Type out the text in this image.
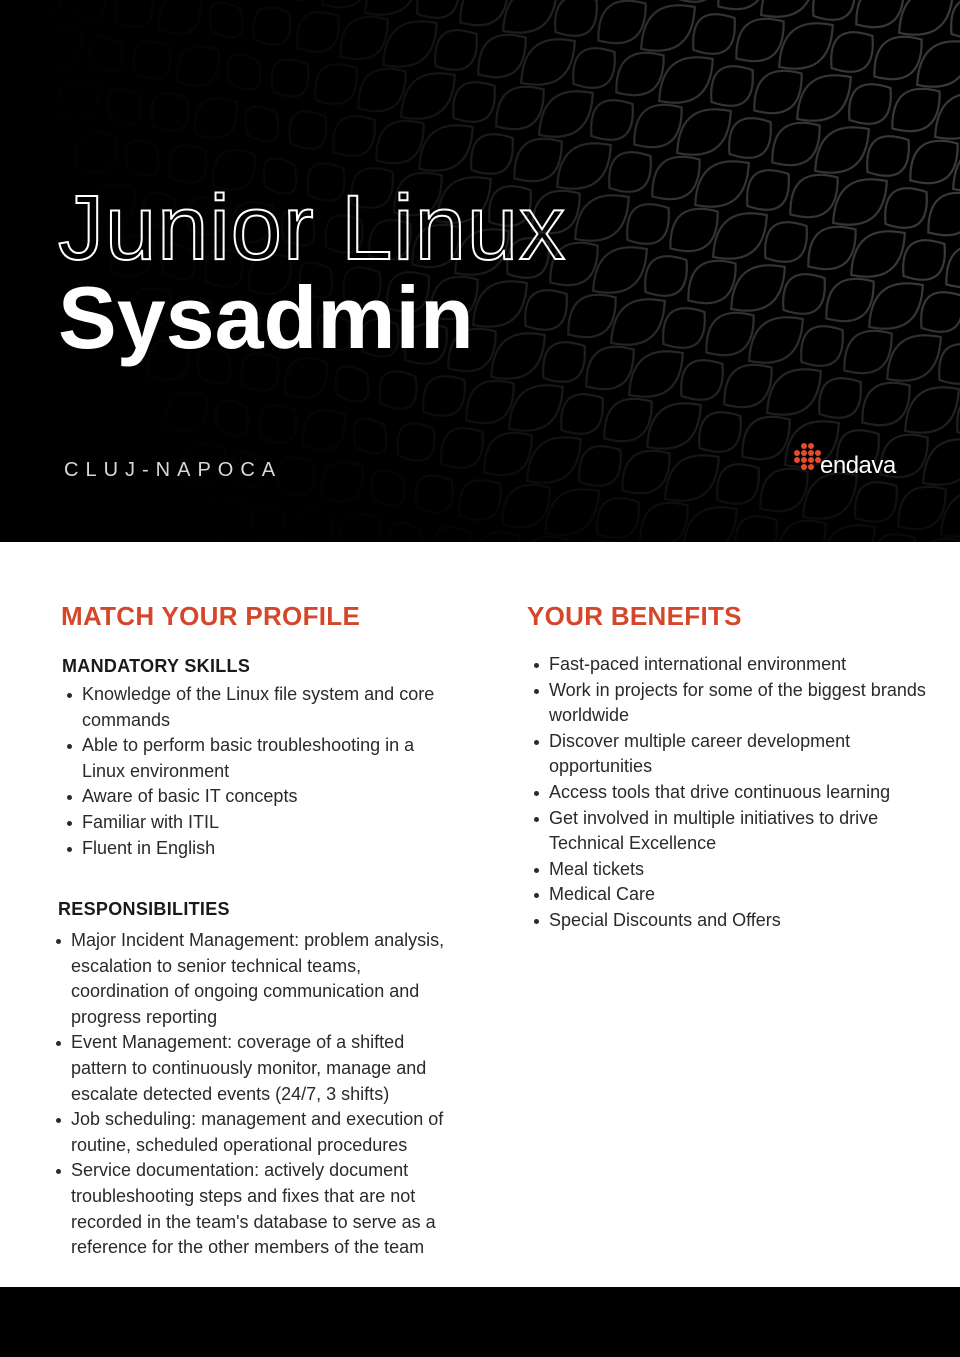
Junior Linux
Sysadmin
CLUJ-NAPOCA	endava
MATCH YOUR PROFILE
MANDATORY SKILLS
Knowledge of the Linux file system and core commands
Able to perform basic troubleshooting in a Linux environment
Aware of basic IT concepts
Familiar with ITIL
Fluent in English
RESPONSIBILITIES
Major Incident Management: problem analysis, escalation to senior technical teams, coordination of ongoing communication and progress reporting
Event Management: coverage of a shifted pattern to continuously monitor, manage and escalate detected events (24/7, 3 shifts)
Job scheduling: management and execution of routine, scheduled operational procedures
Service documentation: actively document troubleshooting steps and fixes that are not recorded in the team's database to serve as a reference for the other members of the team
YOUR BENEFITS
Fast-paced international environment
Work in projects for some of the biggest brands worldwide
Discover multiple career development opportunities
Access tools that drive continuous learning
Get involved in multiple initiatives to drive Technical Excellence
Meal tickets
Medical Care
Special Discounts and Offers
